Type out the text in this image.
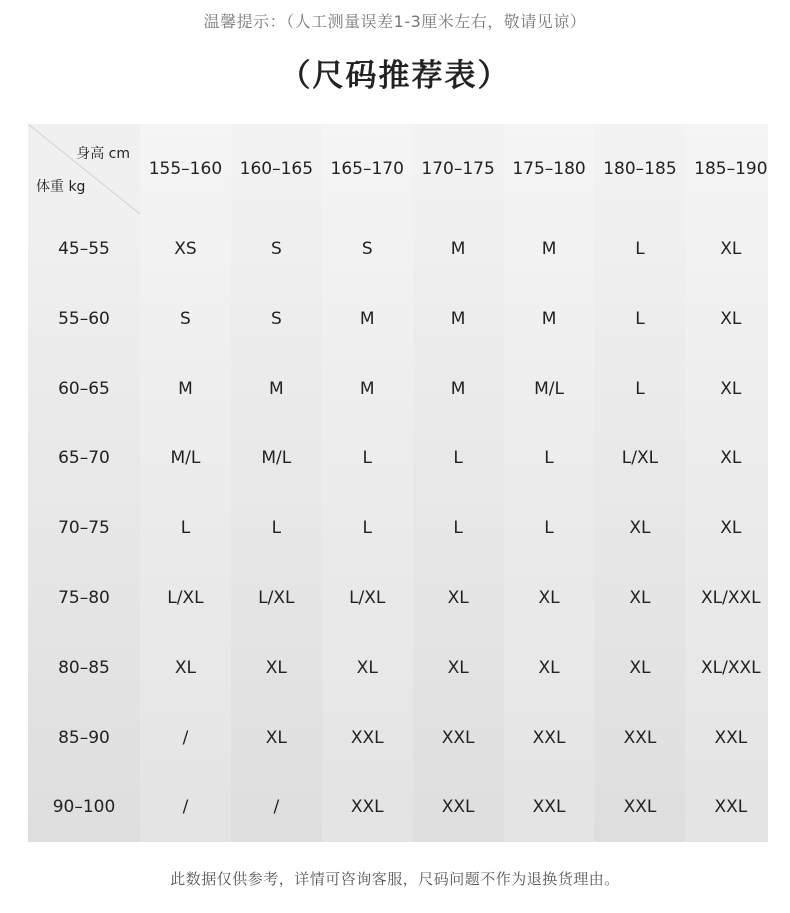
温馨提示：（人工测量误差1-3厘米左右，敬请见谅）
（尺码推荐表）
身高 cm
体重 kg
155–160	160–165	165–170	170–175	175–180	180–185	185–190
45–55	XS	S	S	M	M	L	XL
55–60	S	S	M	M	M	L	XL
60–65	M	M	M	M	M/L	L	XL
65–70	M/L	M/L	L	L	L	L/XL	XL
70–75	L	L	L	L	L	XL	XL
75–80	L/XL	L/XL	L/XL	XL	XL	XL	XL/XXL
80–85	XL	XL	XL	XL	XL	XL	XL/XXL
85–90	/	XL	XXL	XXL	XXL	XXL	XXL
90–100	/	/	XXL	XXL	XXL	XXL	XXL
此数据仅供参考，详情可咨询客服，尺码问题不作为退换货理由。
